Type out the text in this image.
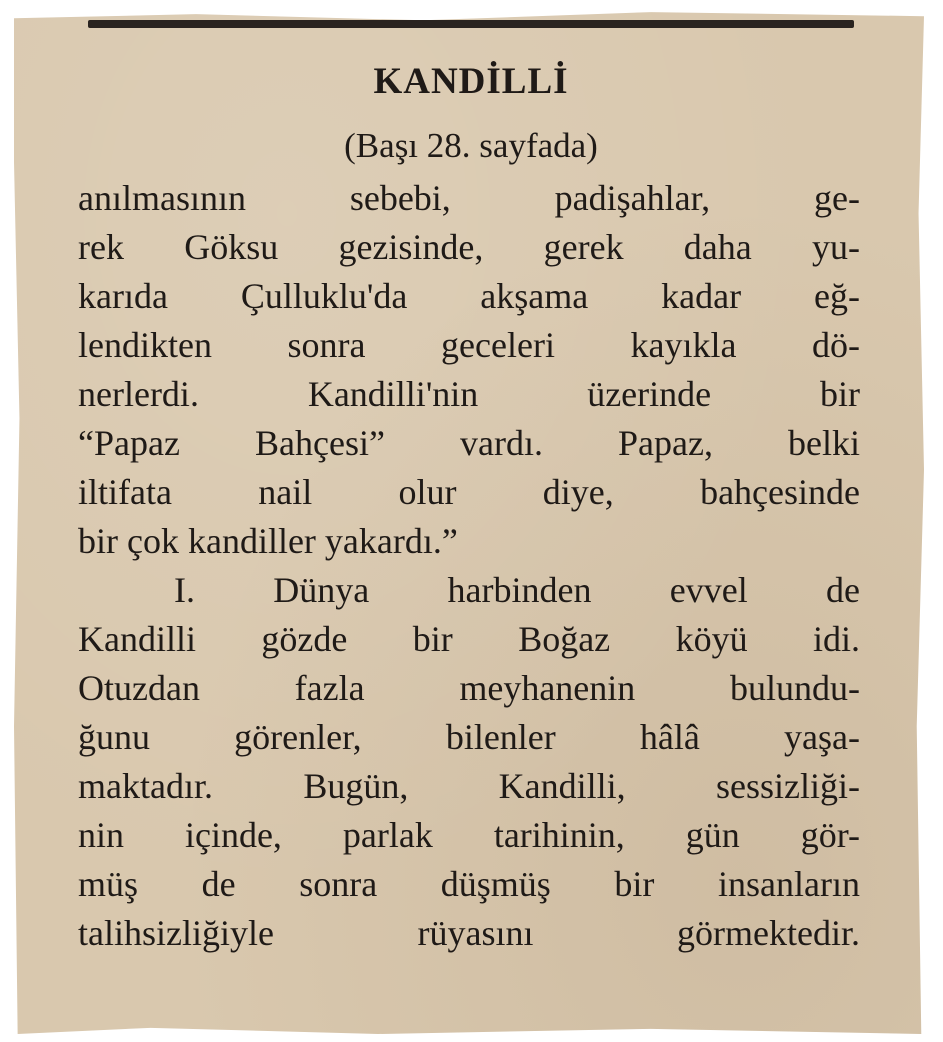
KANDİLLİ
(Başı 28. sayfada)
anılmasının sebebi, padişahlar, ge-
rek Göksu gezisinde, gerek daha yu-
karıda Çulluklu'da akşama kadar eğ-
lendikten sonra geceleri kayıkla dö-
nerlerdi. Kandilli'nin üzerinde bir
“Papaz Bahçesi” vardı. Papaz, belki
iltifata nail olur diye, bahçesinde
bir çok kandiller yakardı.”
I. Dünya harbinden evvel de
Kandilli gözde bir Boğaz köyü idi.
Otuzdan fazla meyhanenin bulundu-
ğunu görenler, bilenler hâlâ yaşa-
maktadır. Bugün, Kandilli, sessizliği-
nin içinde, parlak tarihinin, gün gör-
müş de sonra düşmüş bir insanların
talihsizliğiyle rüyasını görmektedir.
